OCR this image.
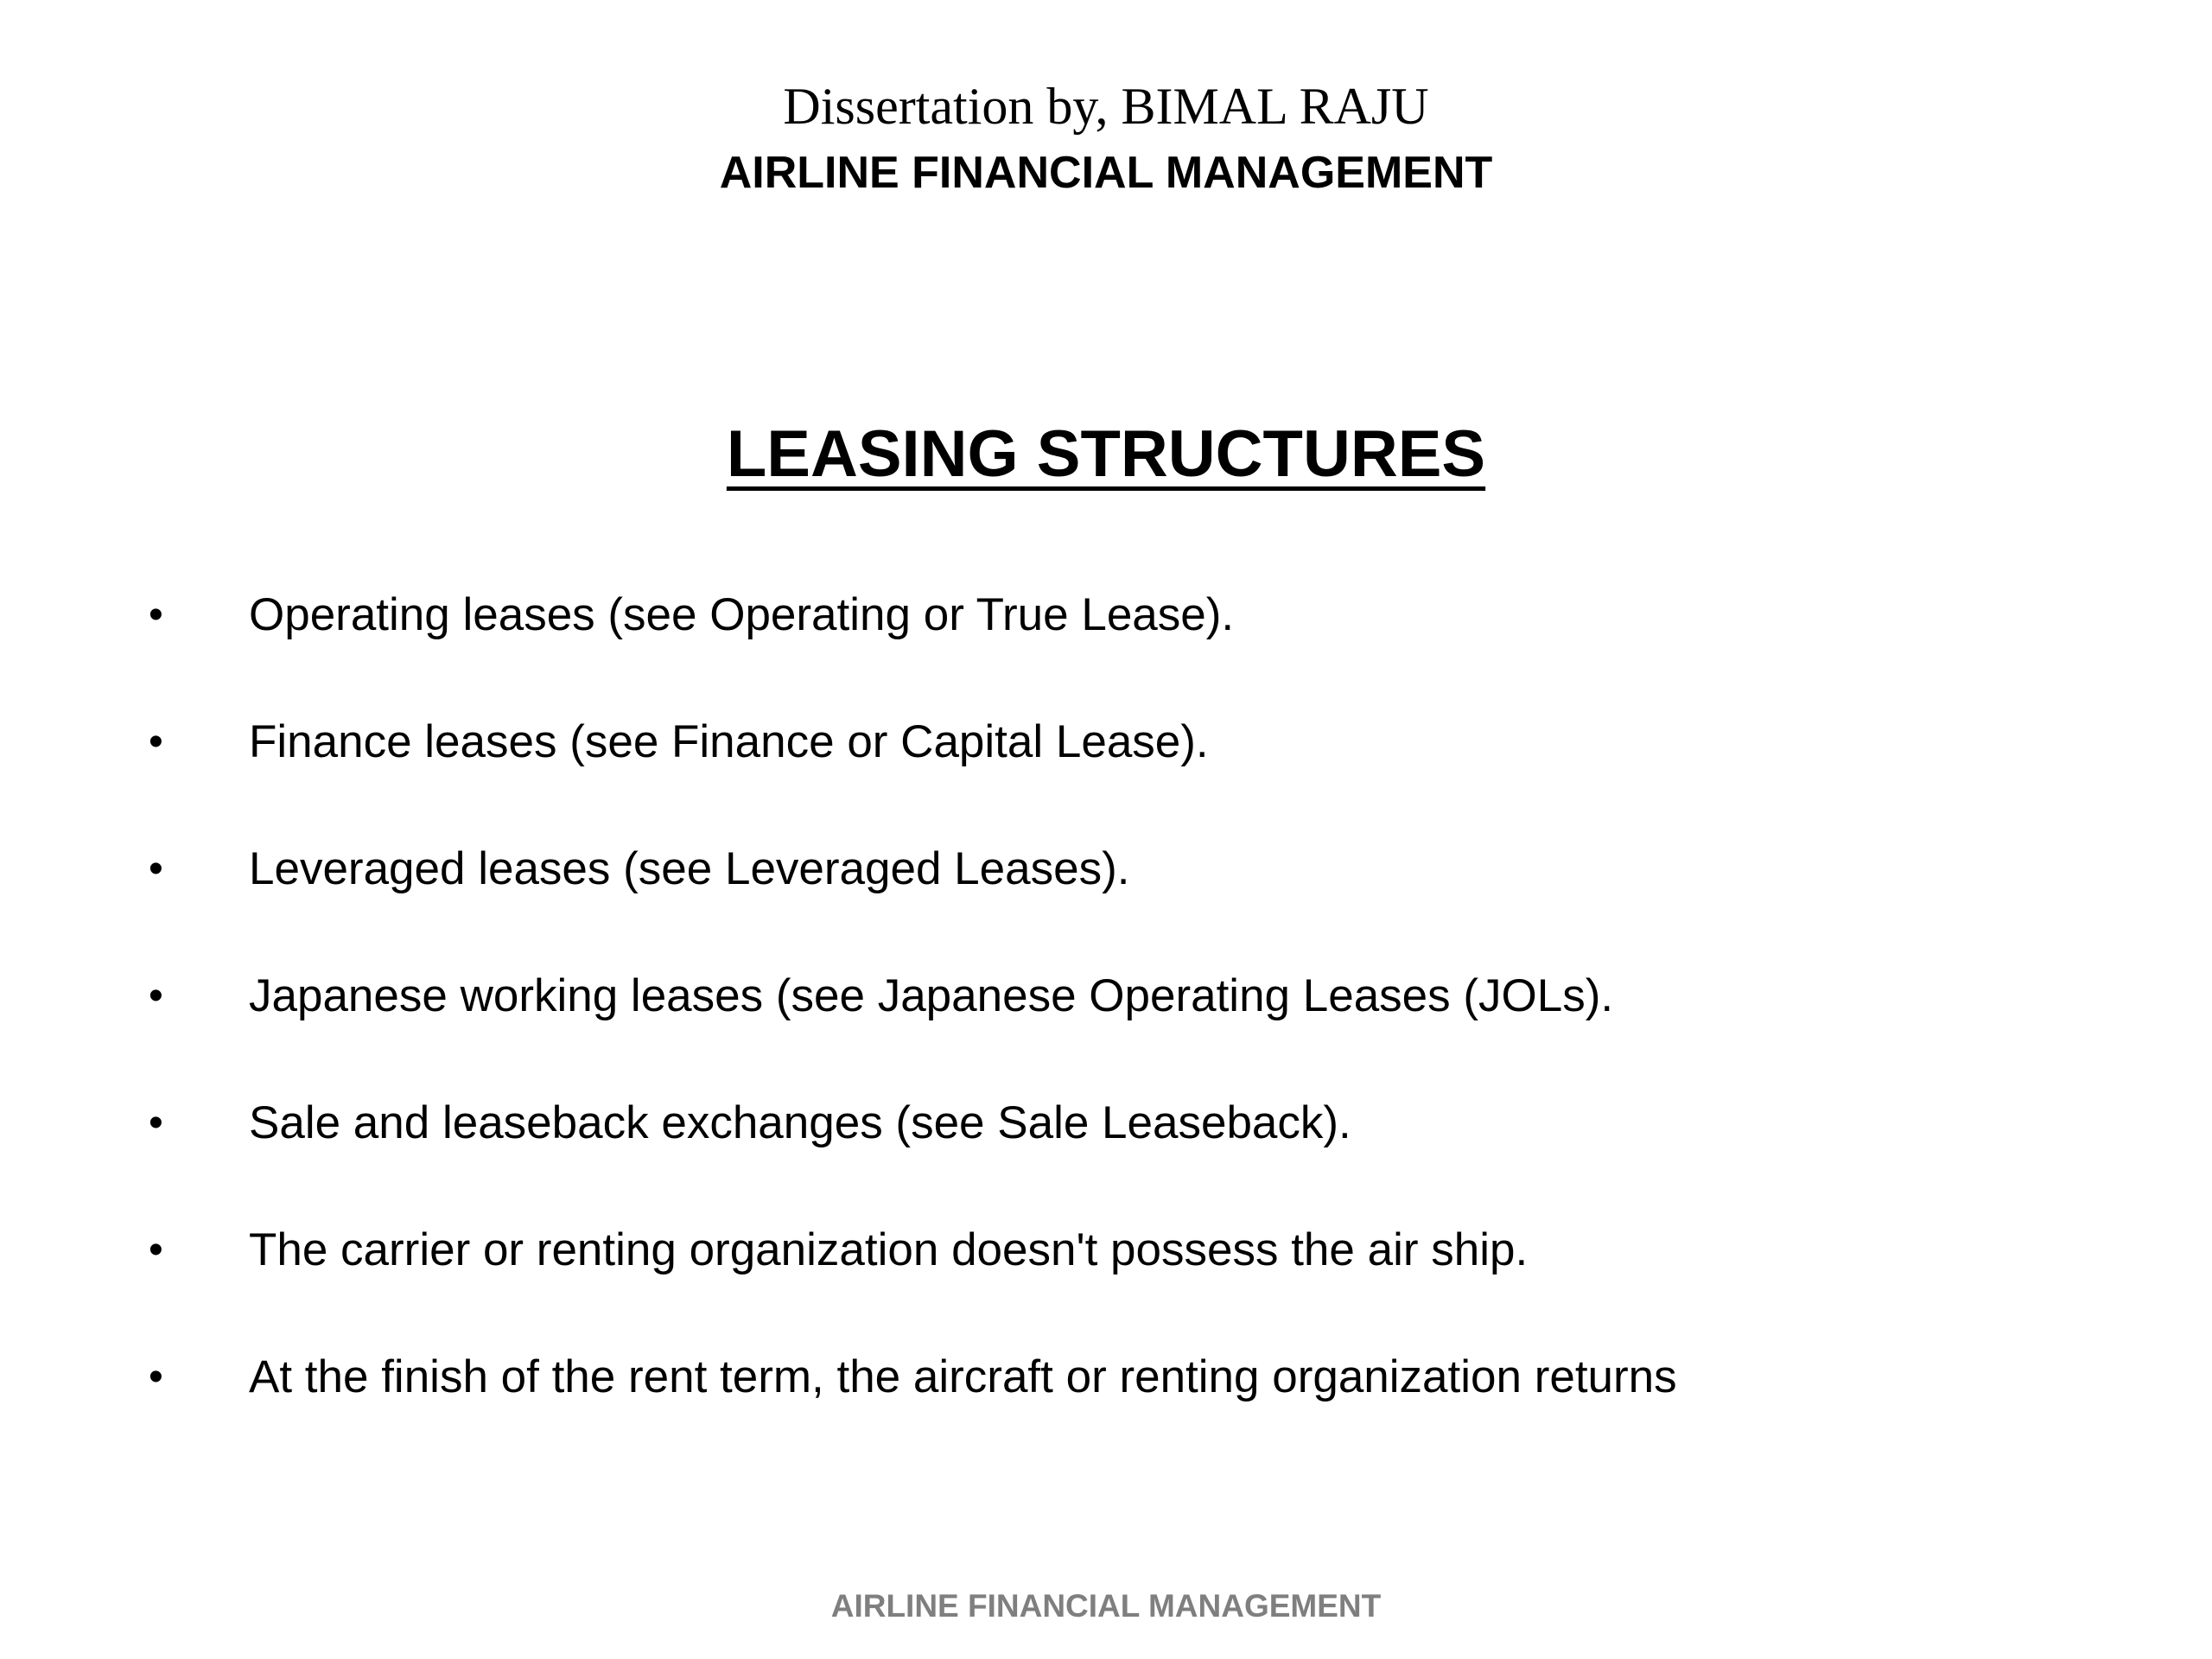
Dissertation by, BIMAL RAJU
AIRLINE FINANCIAL MANAGEMENT
LEASING STRUCTURES
• Operating leases (see Operating or True Lease).
• Finance leases (see Finance or Capital Lease).
• Leveraged leases (see Leveraged Leases).
• Japanese working leases (see Japanese Operating Leases (JOLs).
• Sale and leaseback exchanges (see Sale Leaseback).
• The carrier or renting organization doesn't possess the air ship.
• At the finish of the rent term, the aircraft or renting organization returns
AIRLINE FINANCIAL MANAGEMENT
